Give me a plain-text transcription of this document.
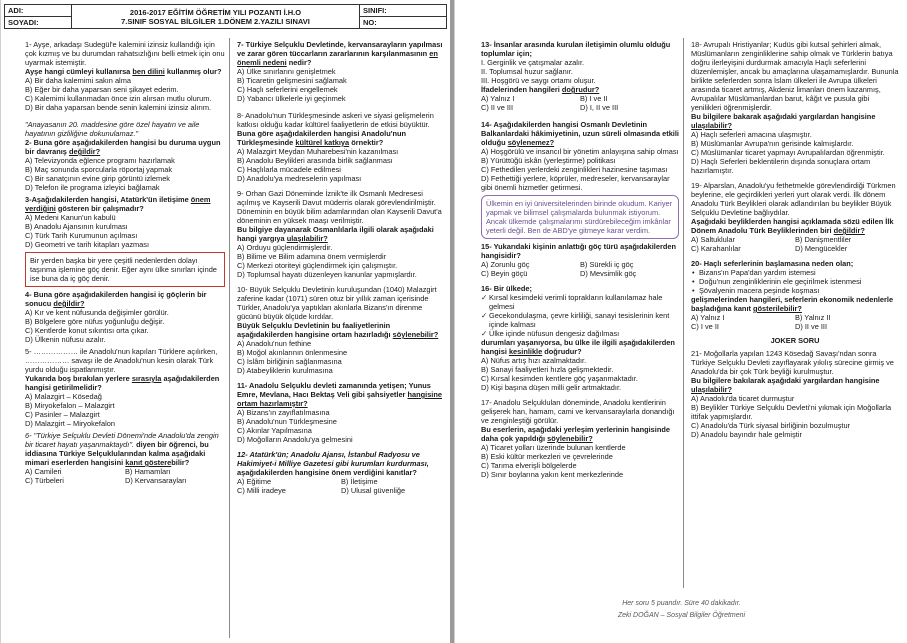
ADI:	2016-2017 EĞİTİM ÖĞRETİM YILI POZANTI İ.H.O
7.SINIF SOSYAL BİLGİLER 1.DÖNEM 2.YAZILI SINAVI	SINIFI:
SOYADI:		NO:

1- Ayşe, arkadaşı Sudegül'e kalemini izinsiz kullandığı için çok kızmış ve bu durumdan rahatsızlığını belli etmek için onu uyarmak istemiştir.

Ayşe hangi cümleyi kullanırsa ben dilini kullanmış olur?

A) Bir daha kalemimi sakın alma
B) Eğer bir daha yaparsan seni şikayet ederim.
C) Kalemimi kullanmadan önce izin alırsan mutlu olurum.
D) Bir daha yaparsan bende senin kalemini izinsiz alırım.

"Anayasanın 20. maddesine göre özel hayatın ve aile hayatının gizliliğine dokunulamaz."

2- Buna göre aşağıdakilerden hangisi bu duruma uygun bir davranış değildir?

A) Televizyonda eğlence programı hazırlamak
B) Maç sonunda sporcularla röportaj yapmak
C) Bir sanatçının evine girip görüntü izlemek
D) Telefon ile programa izleyici bağlamak

3-Aşağıdakilerden hangisi, Atatürk'ün iletişime önem verdiğini gösteren bir çalışmadır?

A) Medeni Kanun'un kabulü
B) Anadolu Ajansının kurulması
C) Türk Tarih Kurumunun açılması
D) Geometri ve tarih kitapları yazması
Bir yerden başka bir yere çeşitli nedenlerden dolayı taşınma işlemine göç denir. Eğer aynı ülke sınırları içinde ise buna da iç göç denir.

4- Buna göre aşağıdakilerden hangisi iç göçlerin bir sonucu değildir?

A) Kır ve kent nüfusunda değişimler görülür.
B) Bölgelere göre nüfus yoğunluğu değişir.
C) Kentlerde konut sıkıntısı orta çıkar.
D) Ülkenin nüfusu azalır.

5- ……………… ile Anadolu'nun kapıları Türklere açılırken, ……………… savaşı ile de Anadolu'nun kesin olarak Türk yurdu olduğu ispatlanmıştır.

Yukarıda boş bırakılan yerlere sırasıyla aşağıdakilerden hangisi getirilmelidir?

A) Malazgirt – Kösedağ
B) Miryokefalon – Malazgirt
C) Pasinler – Malazgirt
D) Malazgirt – Miryokefalon

6- "Türkiye Selçuklu Devleti Dönemi'nde Anadolu'da zengin bir ticaret hayatı yaşanmaktaydı". diyen bir öğrenci, bu iddiasına Türkiye Selçuklularından kalma aşağıdaki mimari eserlerden hangisini kanıt gösterebilir?

A) Camileri	B) Hamamları
C) Türbeleri	D) Kervansarayları

7- Türkiye Selçuklu Devletinde, kervansarayların yapılması ve zarar gören tüccarların zararlarının karşılanmasının en önemli nedeni nedir?

A) Ülke sınırlarını genişletmek
B) Ticaretin gelişmesini sağlamak
C) Haçlı seferlerini engellemek
D) Yabancı ülkelerle iyi geçinmek

8- Anadolu'nun Türkleşmesinde askeri ve siyasi gelişmelerin katkısı olduğu kadar kültürel faaliyetlerin de etkisi büyüktür.

Buna göre aşağıdakilerden hangisi Anadolu'nun Türkleşmesinde kültürel katkıya örnektir?

A) Malazgirt Meydan Muharebesi'nin kazanılması
B) Anadolu Beylikleri arasında birlik sağlanması
C) Haçlılarla mücadele edilmesi
D) Anadolu'ya medreselerin yapılması

9- Orhan Gazi Döneminde İznik'te ilk Osmanlı Medresesi açılmış ve Kayserili Davut müderris olarak görevlendirilmiştir. Döneminin en büyük bilim adamlarından olan Kayserili Davut'a döneminin en yüksek maaşı verilmiştir.

Bu bilgiye dayanarak Osmanlılarla ilgili olarak aşağıdaki hangi yargıya ulaşılabilir?

A) Orduyu güçlendirmişlerdir.
B) Bilime ve Bilim adamına önem vermişlerdir
C) Merkezi otoriteyi güçlendirmek için çalışmıştır.
D) Toplumsal hayatı düzenleyen kanunlar yapmışlardır.

10- Büyük Selçuklu Devletinin kuruluşundan (1040) Malazgirt zaferine kadar (1071) süren otuz bir yıllık zaman içerisinde Türkler, Anadolu'ya yaptıkları akınlarla Bizans'ın direnme gücünü büyük ölçüde kırdılar.

Büyük Selçuklu Devletinin bu faaliyetlerinin aşağıdakilerden hangisine ortam hazırladığı söylenebilir?

A) Anadolu'nun fethine
B) Moğol akınlarının önlenmesine
C) İslâm birliğinin sağlanmasına
D) Atabeyliklerin kurulmasına

11- Anadolu Selçuklu devleti zamanında yetişen; Yunus Emre, Mevlana, Hacı Bektaş Veli gibi şahsiyetler hangisine ortam hazırlamıştır?

A) Bizans'ın zayıflatılmasına
B) Anadolu'nun Türkleşmesine
C) Akınlar Yapılmasına
D) Moğolların Anadolu'ya gelmesini

12- Atatürk'ün; Anadolu Ajansı, İstanbul Radyosu ve Hakimiyet-i Milliye Gazetesi gibi kurumları kurdurması, aşağıdakilerden hangisine önem verdiğini kanıtlar?

A) Eğitime	B) İletişime
C) Milli iradeye	D) Ulusal güvenliğe

13- İnsanlar arasında kurulan iletişimin olumlu olduğu toplumlar için;

I. Gerginlik ve çatışmalar azalır.

II. Toplumsal huzur sağlanır.

III. Hoşgörü ve saygı ortamı oluşur.

İfadelerinden hangileri doğrudur?

A) Yalnız I	B) I ve II
C) II ve III	D) I, II ve III

14- Aşağıdakilerden hangisi Osmanlı Devletinin Balkanlardaki hâkimiyetinin, uzun süreli olmasında etkili olduğu söylenemez?

A) Hoşgörülü ve insancıl bir yönetim anlayışına sahip olması
B) Yürüttüğü iskân (yerleştirme) politikası
C) Fethedilen yerlerdeki zenginlikleri hazinesine taşıması
D) Fethettiği yerlere, köprüler, medreseler, kervansaraylar gibi önemli hizmetler getirmesi.
Ülkemin en iyi üniversitelerinden birinde okudum. Kariyer yapmak ve bilimsel çalışmalarda bulunmak istiyorum. Ancak ülkemde çalışmalarımı sürdürebileceğim imkânlar yeterli değil. Ben de ABD'ye gitmeye karar verdim.

15- Yukarıdaki kişinin anlattığı göç türü aşağıdakilerden hangisidir?

A) Zorunlu göç	B) Sürekli iç göç
C) Beyin göçü	D) Mevsimlik göç

16- Bir ülkede;

✓ Kırsal kesimdeki verimli toprakların kullanılamaz hale gelmesi
✓ Gecekondulaşma, çevre kirliliği, sanayi tesislerinin kent içinde kalması
✓ Ülke içinde nüfusun dengesiz dağılması

durumları yaşanıyorsa, bu ülke ile ilgili aşağıdakilerden hangisi kesinlikle doğrudur?

A) Nüfus artış hızı azalmaktadır.
B) Sanayi faaliyetleri hızla gelişmektedir.
C) Kırsal kesimden kentlere göç yaşanmaktadır.
D) Kişi başına düşen milli gelir artmaktadır.

17- Anadolu Selçukluları döneminde, Anadolu kentlerinin gelişerek han, hamam, cami ve kervansaraylarla donandığı ve zenginleştiği görülür.

Bu eserlerin, aşağıdaki yerleşim yerlerinin hangisinde daha çok yapıldığı söylenebilir?

A) Ticaret yolları üzerinde bulunan kentlerde
B) Eski kültür merkezleri ve çevrelerinde
C) Tarıma elverişli bölgelerde
D) Sınır boylarına yakın kent merkezlerinde

18- Avrupalı Hristiyanlar; Kudüs gibi kutsal şehirleri almak, Müslümanların zenginliklerine sahip olmak ve Türklerin batıya doğru ilerleyişini durdurmak amacıyla Haçlı seferlerini düzenlemişler, ancak bu amaçlarına ulaşamamışlardır. Bununla birlikte seferlerden sonra İslam ülkeleri ile Avrupa ülkeleri arasında ticaret artmış, Akdeniz limanları önem kazanmış, Avrupalılar Müslümanlardan barut, kâğıt ve pusula gibi yenilikleri öğrenmişlerdir.

Bu bilgilere bakarak aşağıdaki yargılardan hangisine ulaşılabilir?

A) Haçlı seferleri amacına ulaşmıştır.
B) Müslümanlar Avrupa'nın gerisinde kalmışlardır.
C) Müslümanlar ticaret yapmayı Avrupalılardan öğrenmiştir.
D) Haçlı Seferleri beklentilerin dışında sonuçlara ortam hazırlamıştır.

19- Alparslan, Anadolu'yu fethetmekle görevlendirdiği Türkmen beylerine, ele geçirdikleri yerleri yurt olarak verdi. İlk dönem Anadolu Türk Beylikleri olarak adlandırılan bu beylikler Büyük Selçuklu Devletine bağlıydılar.

Aşağıdaki beyliklerden hangisi açıklamada sözü edilen İlk Dönem Anadolu Türk Beyliklerinden biri değildir?

A) Saltuklular	B) Danişmentliler
C) Karahanlılar	D) Mengücekler

20- Haçlı seferlerinin başlamasına neden olan;

• Bizans'ın Papa'dan yardım istemesi
• Doğu'nun zenginliklerinin ele geçirilmek istenmesi
• Şövalyenin macera peşinde koşması

gelişmelerinden hangileri, seferlerin ekonomik nedenlerle başladığına kanıt gösterilebilir?

A) Yalnız I	B) Yalnız II
C) I ve II	D) II ve III
JOKER SORU

21- Moğollarla yapılan 1243 Kösedağ Savaşı'ndan sonra Türkiye Selçuklu Devleti zayıflayarak yıkılış sürecine girmiş ve Anadolu'da bir çok Türk beyliği kurulmuştur.

Bu bilgilere bakılarak aşağıdaki yargılardan hangisine ulaşılabilir?

A) Anadolu'da ticaret durmuştur
B) Beylikler Türkiye Selçuklu Devleti'ni yıkmak için Moğollarla ittifak yapmışlardır.
C) Anadolu'da Türk siyasal birliğinin bozulmuştur
D) Anadolu bayındır hale gelmiştir
Her soru 5 puandır. Süre 40 dakikadır.
Zeki DOĞAN – Sosyal Bilgiler Öğretmeni
